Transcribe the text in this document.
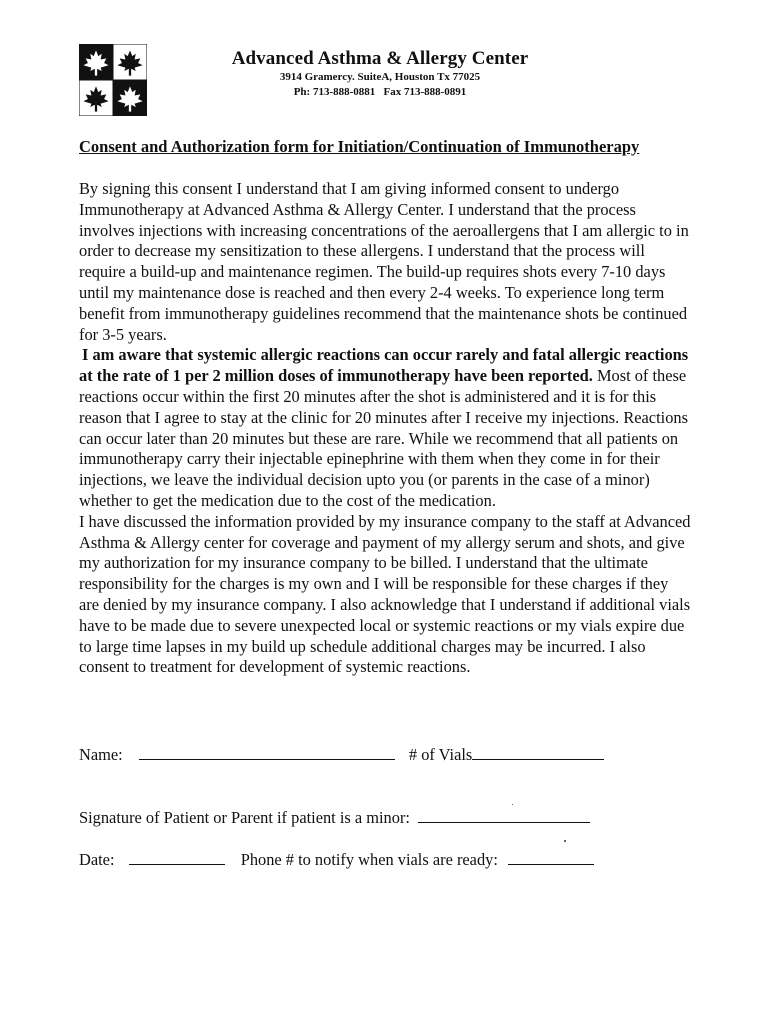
Advanced Asthma & Allergy Center
3914 Gramercy. SuiteA, Houston Tx 77025
Ph: 713-888-0881   Fax 713-888-0891
Consent and Authorization form for Initiation/Continuation of Immunotherapy

By signing this consent I understand that I am giving informed consent to undergo Immunotherapy at Advanced Asthma & Allergy Center. I understand that the process involves injections with increasing concentrations of the aeroallergens that I am allergic to in order to decrease my sensitization to these allergens. I understand that the process will require a build-up and maintenance regimen. The build-up requires shots every 7-10 days until my maintenance dose is reached and then every 2-4 weeks. To experience long term benefit from immunotherapy guidelines recommend that the maintenance shots be continued for 3-5 years.

I am aware that systemic allergic reactions can occur rarely and fatal allergic reactions at the rate of 1 per 2 million doses of immunotherapy have been reported. Most of these reactions occur within the first 20 minutes after the shot is administered and it is for this reason that I agree to stay at the clinic for 20 minutes after I receive my injections. Reactions can occur later than 20 minutes but these are rare. While we recommend that all patients on immunotherapy carry their injectable epinephrine with them when they come in for their injections, we leave the individual decision upto you (or parents in the case of a minor) whether to get the medication due to the cost of the medication.

I have discussed the information provided by my insurance company to the staff at Advanced Asthma & Allergy center for coverage and payment of my allergy serum and shots, and give my authorization for my insurance company to be billed. I understand that the ultimate responsibility for the charges is my own and I will be responsible for these charges if they are denied by my insurance company. I also acknowledge that I understand if additional vials have to be made due to severe unexpected local or systemic reactions or my vials expire due to large time lapses in my build up schedule additional charges may be incurred. I also consent to treatment for development of systemic reactions.

Name:	# of Vials
Signature of Patient or Parent if patient is a minor:
Date:	Phone # to notify when vials are ready:
